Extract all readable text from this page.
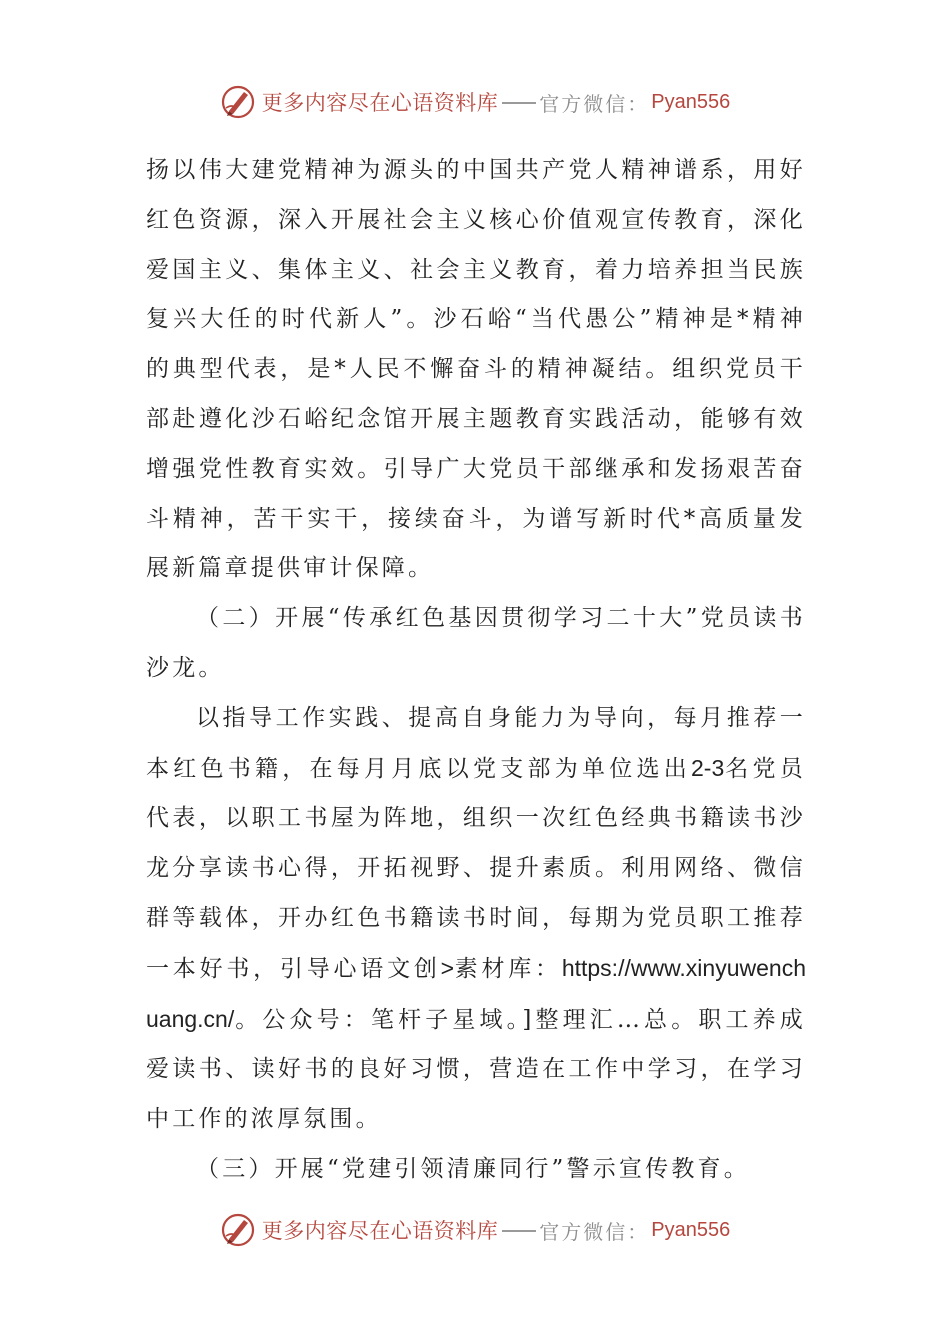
更多内容尽在心语资料库 官方微信： Pyan556

扬以伟大建党精神为源头的中国共产党人精神谱系，用好红色资源，深入开展社会主义核心价值观宣传教育，深化爱国主义、集体主义、社会主义教育，着力培养担当民族复兴大任的时代新人”。沙石峪“当代愚公”精神是*精神的典型代表，是*人民不懈奋斗的精神凝结。组织党员干部赴遵化沙石峪纪念馆开展主题教育实践活动，能够有效增强党性教育实效。引导广大党员干部继承和发扬艰苦奋斗精神，苦干实干，接续奋斗，为谱写新时代*高质量发展新篇章提供审计保障。

（二）开展“传承红色基因贯彻学习二十大”党员读书沙龙。

以指导工作实践、提高自身能力为导向，每月推荐一本红色书籍，在每月月底以党支部为单位选出2-3名党员代表，以职工书屋为阵地，组织一次红色经典书籍读书沙龙分享读书心得，开拓视野、提升素质。利用网络、微信群等载体，开办红色书籍读书时间，每期为党员职工推荐一本好书，引导心语文创>素材库：https://www.xinyuwenchuang.cn/。公众号：笔杆子星域。]整理汇…总。职工养成爱读书、读好书的良好习惯，营造在工作中学习，在学习中工作的浓厚氛围。

（三）开展“党建引领清廉同行”警示宣传教育。

更多内容尽在心语资料库 官方微信： Pyan556
